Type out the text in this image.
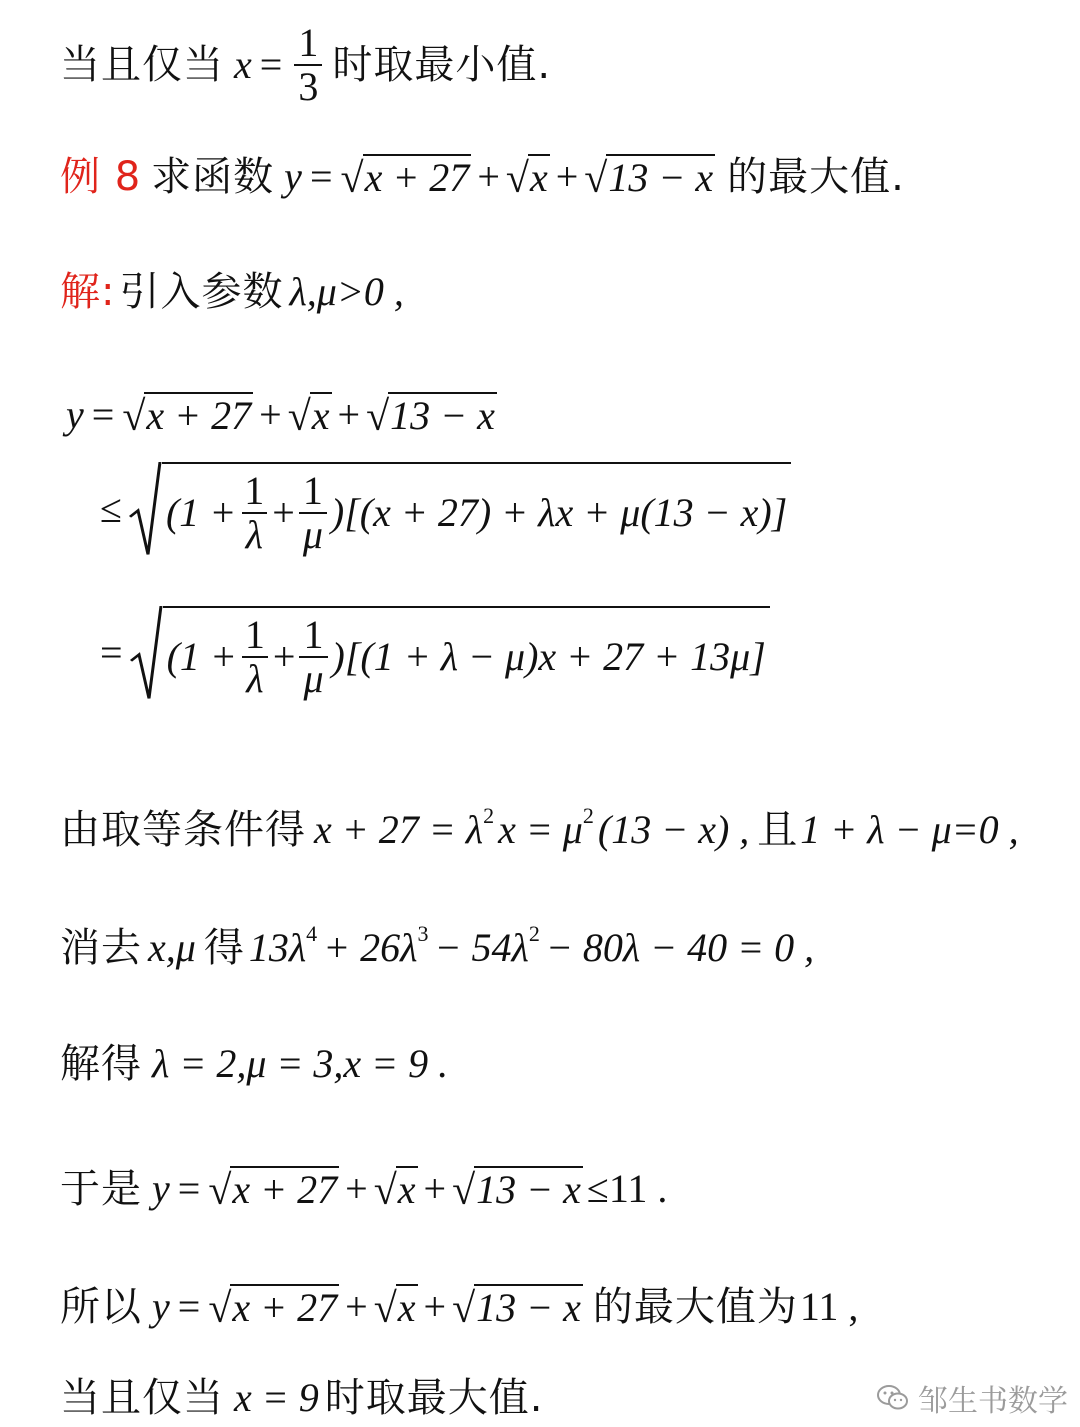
当且仅当 $x = \frac{1}{3}$ 时取最小值.
例 8 求函数 y = √ x + 27 + √ x + √ 13 − x 的最大值.
解: 引入参数 λ,μ>0 ,
y = √ x + 27 + √ x + √ 13 − x
≤ $(1 + \frac{1}{\lambda} + \frac{1}{\mu} )[(x + 27) + \lambda x + \mu(13 - x)]$
= $(1 + \frac{1}{\lambda} + \frac{1}{\mu} )[(1 + \lambda - \mu)x + 27 + 13\mu]$
由取等条件得 $x + 27 = \lambda^2$ $x = \mu^2$ (13 − x) , 且 1 + λ − μ=0 ,
消去 x,μ 得 $13\lambda^4 + 26\lambda^3 - 54\lambda^2 - 80\lambda - 40 = 0$ ,
解得 λ = 2,μ = 3,x = 9 .
于是 y = √ x + 27 + √ x + √ 13 − x ≤11 .
所以 y = √ x + 27 + √ x + √ 13 − x 的最大值为 11 ,
当且仅当 x = 9 时取最大值.	邹生书数学
